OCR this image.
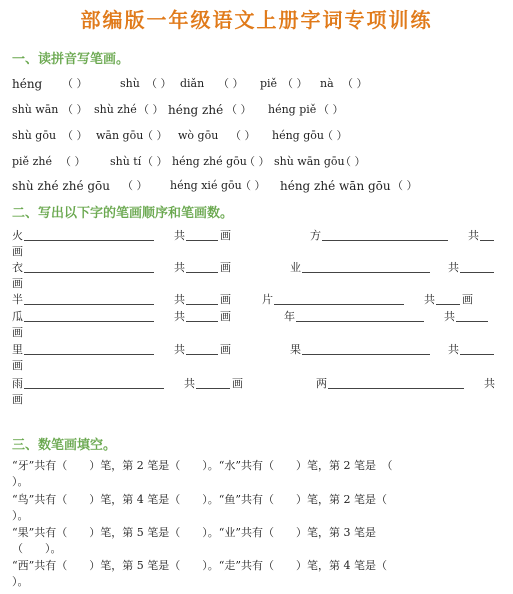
部编版一年级语文上册字词专项训练
一、读拼音写笔画。
héng （ ）	shù （ ） diǎn （ ） piě （ ） nà （ ）
shù wān （ ） shù zhé （ ） héng zhé （ ） héng piě （ ）
shù gōu （ ） wān gōu
（ ） wò gōu （ ） héng gōu
（ ）
piě zhé （ ） shù tí （ ） héng zhé gōu
（ ） shù wān gōu
（ ）
shù zhé zhé gōu （ ） héng xié gōu
（ ） héng zhé wān gōu （ ）
二、写出以下字的笔画顺序和笔画数。
火	共	画	方	共
画
衣	共	画	业	共
画
半	共	画	片	共 画
瓜	共	画	年	共
画
里	共	画	果	共
画
雨	共	画	两	共
画
三、数笔画填空。
“牙”共有（　　）笔，第 2 笔是（　　）。“水”共有（　　）笔，第 2 笔是　（
）。
“鸟”共有（　　）笔，第 4 笔是（　　）。“鱼”共有（　　）笔，第 2 笔是（
）。
“果”共有（　　）笔，第 5 笔是（　　）。“业”共有（　　）笔，第 3 笔是
（　　）。
“西”共有（　　）笔，第 5 笔是（　　）。“走”共有（　　）笔，第 4 笔是（
）。
